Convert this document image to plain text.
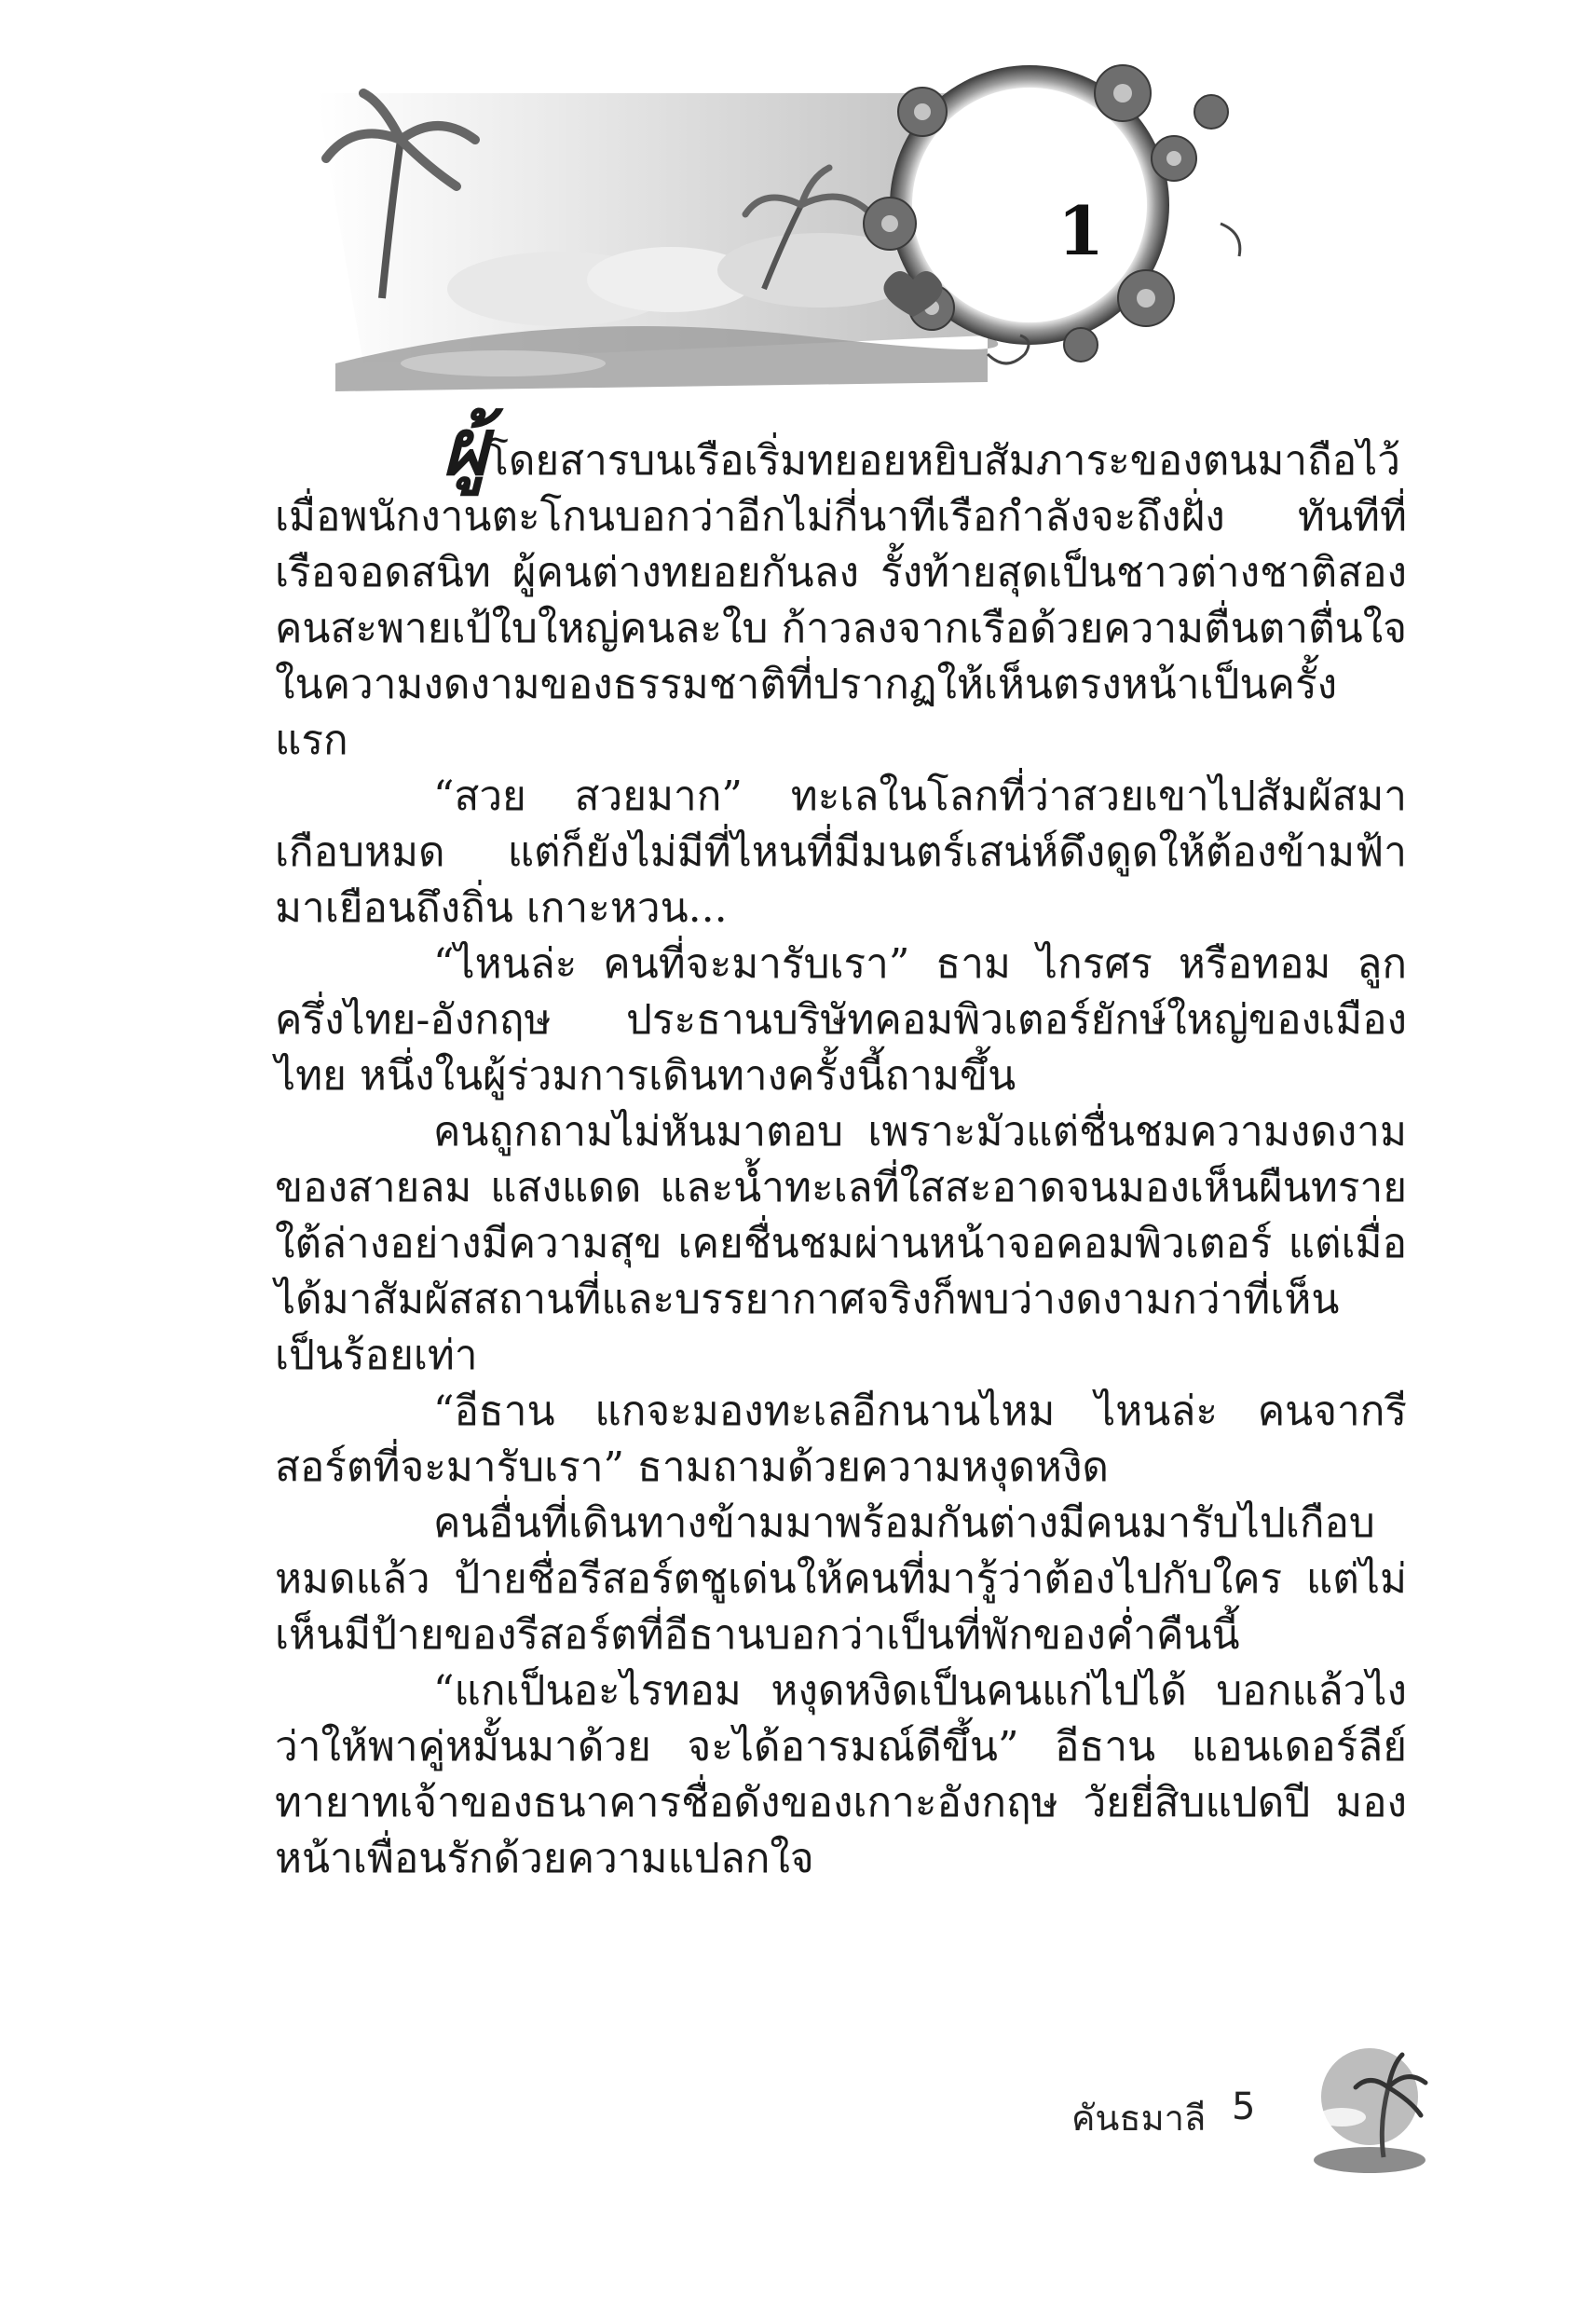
1

ผู้โดยสารบนเรือเริ่มทยอยหยิบสัมภาระของตนมาถือไว้ เมื่อพนักงานตะโกนบอกว่าอีกไม่กี่นาทีเรือกำลังจะถึงฝั่ง ทันทีที่เรือจอดสนิท ผู้คนต่างทยอยกันลง รั้งท้ายสุดเป็นชาวต่างชาติสองคนสะพายเป้ใบใหญ่คนละใบ ก้าวลงจากเรือด้วยความตื่นตาตื่นใจในความงดงามของธรรมชาติที่ปรากฏให้เห็นตรงหน้าเป็นครั้งแรก

“สวย สวยมาก” ทะเลในโลกที่ว่าสวยเขาไปสัมผัสมาเกือบหมด แต่ก็ยังไม่มีที่ไหนที่มีมนตร์เสน่ห์ดึงดูดให้ต้องข้ามฟ้ามาเยือนถึงถิ่น เกาะหวน...

“ไหนล่ะ คนที่จะมารับเรา” ธาม ไกรศร หรือทอม ลูกครึ่งไทย-อังกฤษ ประธานบริษัทคอมพิวเตอร์ยักษ์ใหญ่ของเมืองไทย หนึ่งในผู้ร่วมการเดินทางครั้งนี้ถามขึ้น

คนถูกถามไม่หันมาตอบ เพราะมัวแต่ชื่นชมความงดงามของสายลม แสงแดด และน้ำทะเลที่ใสสะอาดจนมองเห็นผืนทรายใต้ล่างอย่างมีความสุข เคยชื่นชมผ่านหน้าจอคอมพิวเตอร์ แต่เมื่อได้มาสัมผัสสถานที่และบรรยากาศจริงก็พบว่างดงามกว่าที่เห็นเป็นร้อยเท่า

“อีธาน แกจะมองทะเลอีกนานไหม ไหนล่ะ คนจากรีสอร์ตที่จะมารับเรา” ธามถามด้วยความหงุดหงิด

คนอื่นที่เดินทางข้ามมาพร้อมกันต่างมีคนมารับไปเกือบหมดแล้ว ป้ายชื่อรีสอร์ตชูเด่นให้คนที่มารู้ว่าต้องไปกับใคร แต่ไม่เห็นมีป้ายของรีสอร์ตที่อีธานบอกว่าเป็นที่พักของค่ำคืนนี้

“แกเป็นอะไรทอม หงุดหงิดเป็นคนแก่ไปได้ บอกแล้วไงว่าให้พาคู่หมั้นมาด้วย จะได้อารมณ์ดีขึ้น” อีธาน แอนเดอร์ลีย์ ทายาทเจ้าของธนาคารชื่อดังของเกาะอังกฤษ วัยยี่สิบแปดปี มองหน้าเพื่อนรักด้วยความแปลกใจ

คันธมาลี 5
